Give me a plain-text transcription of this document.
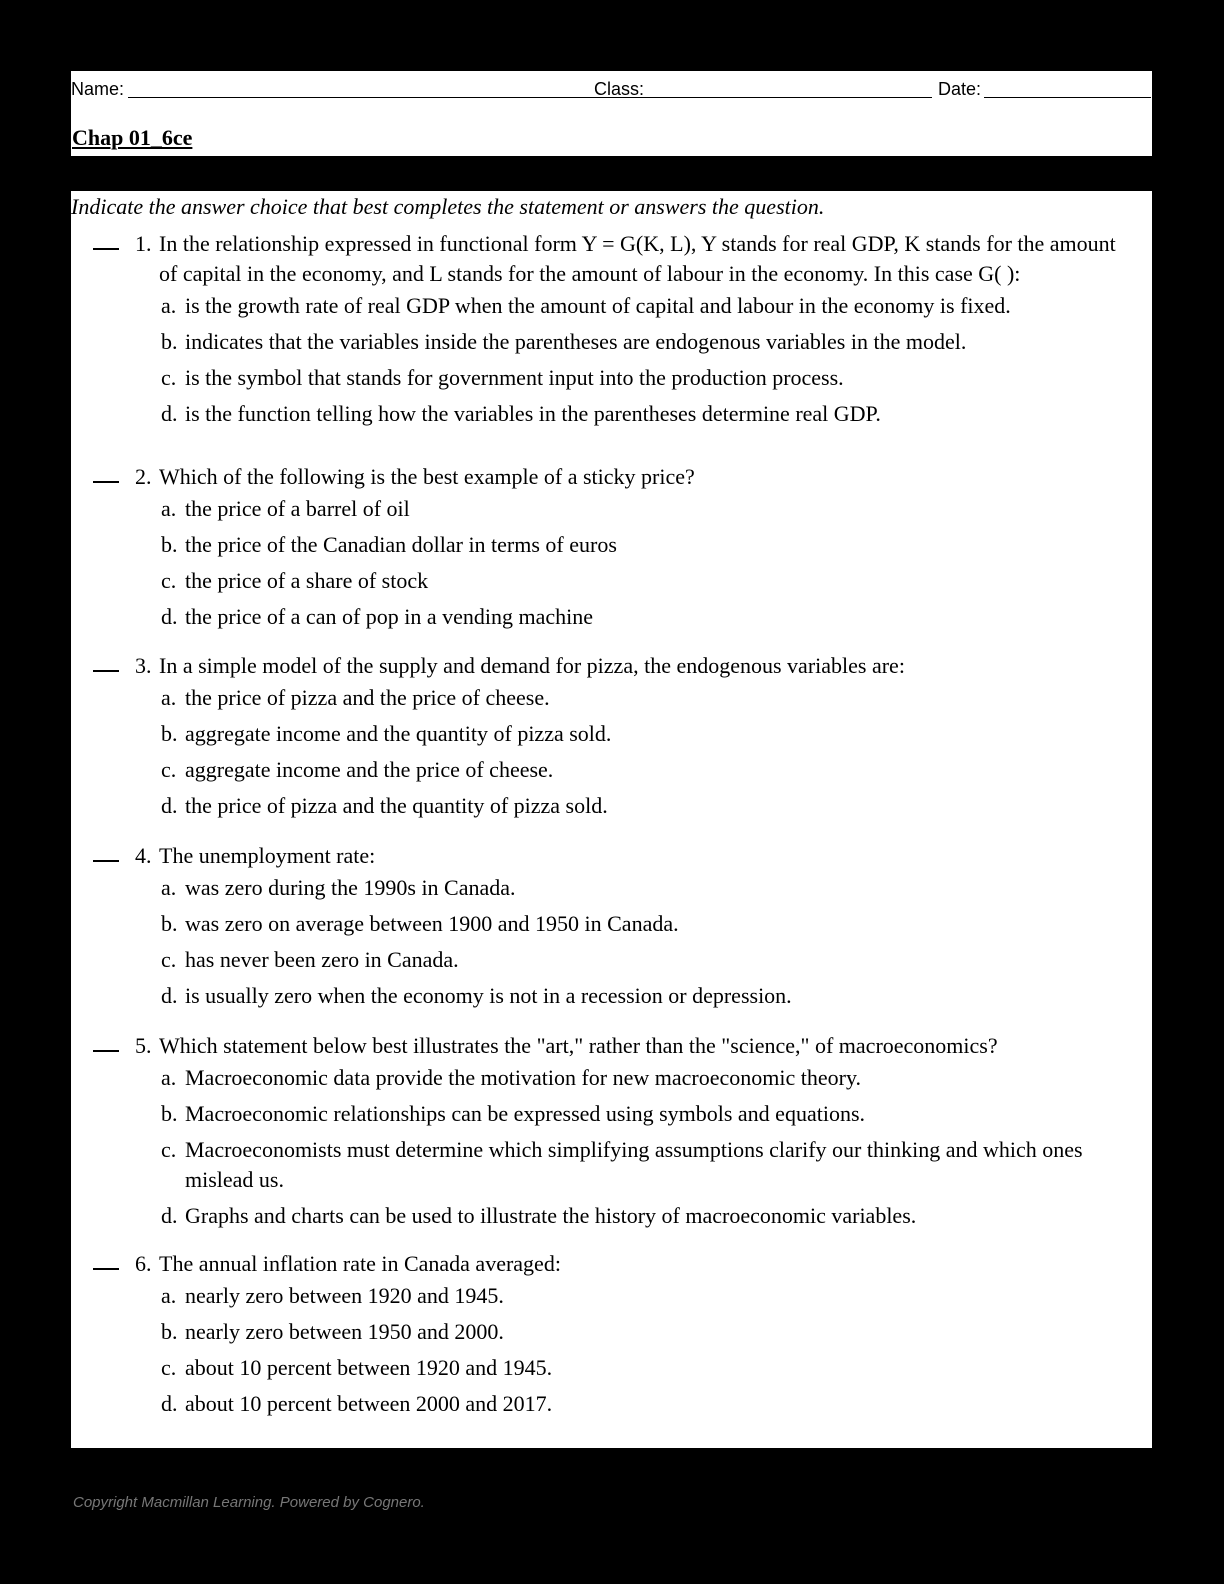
Name:	Class:	Date:
Chap 01_6ce
Indicate the answer choice that best completes the statement or answers the question.
1. In the relationship expressed in functional form Y = G(K, L), Y stands for real GDP, K stands for the amount
of capital in the economy, and L stands for the amount of labour in the economy. In this case G( ):
a. is the growth rate of real GDP when the amount of capital and labour in the economy is fixed.
b. indicates that the variables inside the parentheses are endogenous variables in the model.
c. is the symbol that stands for government input into the production process.
d. is the function telling how the variables in the parentheses determine real GDP.
2. Which of the following is the best example of a sticky price?
a. the price of a barrel of oil
b. the price of the Canadian dollar in terms of euros
c. the price of a share of stock
d. the price of a can of pop in a vending machine
3. In a simple model of the supply and demand for pizza, the endogenous variables are:
a. the price of pizza and the price of cheese.
b. aggregate income and the quantity of pizza sold.
c. aggregate income and the price of cheese.
d. the price of pizza and the quantity of pizza sold.
4. The unemployment rate:
a. was zero during the 1990s in Canada.
b. was zero on average between 1900 and 1950 in Canada.
c. has never been zero in Canada.
d. is usually zero when the economy is not in a recession or depression.
5. Which statement below best illustrates the "art," rather than the "science," of macroeconomics?
a. Macroeconomic data provide the motivation for new macroeconomic theory.
b. Macroeconomic relationships can be expressed using symbols and equations.
c. Macroeconomists must determine which simplifying assumptions clarify our thinking and which ones
mislead us.
d. Graphs and charts can be used to illustrate the history of macroeconomic variables.
6. The annual inflation rate in Canada averaged:
a. nearly zero between 1920 and 1945.
b. nearly zero between 1950 and 2000.
c. about 10 percent between 1920 and 1945.
d. about 10 percent between 2000 and 2017.
Copyright Macmillan Learning. Powered by Cognero.
